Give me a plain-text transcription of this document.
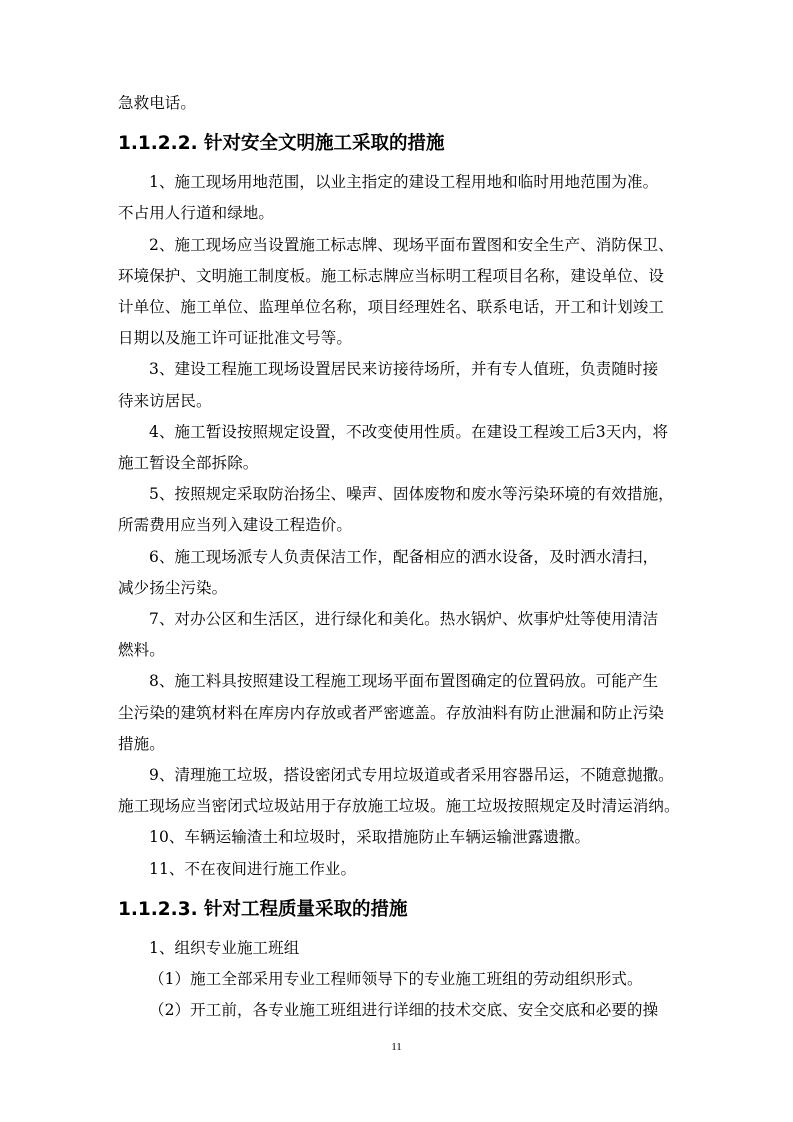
急救电话。
1.1.2.2. 针对安全文明施工采取的措施
1、施工现场用地范围，以业主指定的建设工程用地和临时用地范围为准。
不占用人行道和绿地。
2、施工现场应当设置施工标志牌、现场平面布置图和安全生产、消防保卫、
环境保护、文明施工制度板。施工标志牌应当标明工程项目名称，建设单位、设
计单位、施工单位、监理单位名称，项目经理姓名、联系电话，开工和计划竣工
日期以及施工许可证批准文号等。
3、建设工程施工现场设置居民来访接待场所，并有专人值班，负责随时接
待来访居民。
4、施工暂设按照规定设置，不改变使用性质。在建设工程竣工后3天内，将
施工暂设全部拆除。
5、按照规定采取防治扬尘、噪声、固体废物和废水等污染环境的有效措施，
所需费用应当列入建设工程造价。
6、施工现场派专人负责保洁工作，配备相应的洒水设备，及时洒水清扫，
减少扬尘污染。
7、对办公区和生活区，进行绿化和美化。热水锅炉、炊事炉灶等使用清洁
燃料。
8、施工料具按照建设工程施工现场平面布置图确定的位置码放。可能产生
尘污染的建筑材料在库房内存放或者严密遮盖。存放油料有防止泄漏和防止污染
措施。
9、清理施工垃圾，搭设密闭式专用垃圾道或者采用容器吊运，不随意抛撒。
施工现场应当密闭式垃圾站用于存放施工垃圾。施工垃圾按照规定及时清运消纳。
10、车辆运输渣土和垃圾时，采取措施防止车辆运输泄露遗撒。
11、不在夜间进行施工作业。
1.1.2.3. 针对工程质量采取的措施
1、组织专业施工班组
（1）施工全部采用专业工程师领导下的专业施工班组的劳动组织形式。
（2）开工前，各专业施工班组进行详细的技术交底、安全交底和必要的操
11
